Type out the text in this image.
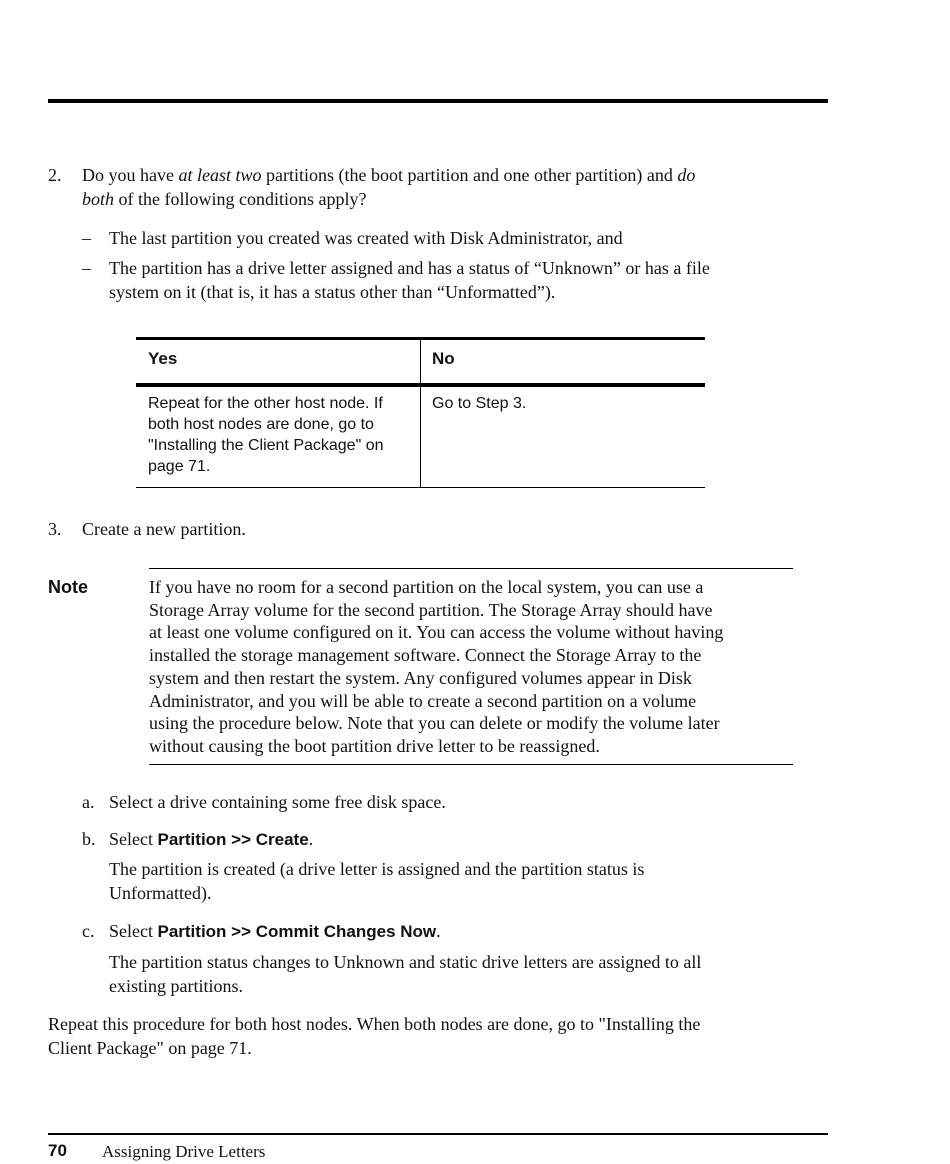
2. Do you have at least two partitions (the boot partition and one other partition) and do
both of the following conditions apply?
– The last partition you created was created with Disk Administrator, and
– The partition has a drive letter assigned and has a status of “Unknown” or has a file
system on it (that is, it has a status other than “Unformatted”).
Yes	No
Repeat for the other host node. If both host nodes are done, go to "Installing the Client Package" on page 71.
Go to Step 3.
3. Create a new partition.
Note	If you have no room for a second partition on the local system, you can use a
Storage Array volume for the second partition. The Storage Array should have
at least one volume configured on it. You can access the volume without having
installed the storage management software. Connect the Storage Array to the
system and then restart the system. Any configured volumes appear in Disk
Administrator, and you will be able to create a second partition on a volume
using the procedure below. Note that you can delete or modify the volume later
without causing the boot partition drive letter to be reassigned.
a. Select a drive containing some free disk space.
b. Select Partition >> Create.
The partition is created (a drive letter is assigned and the partition status is
Unformatted).
c. Select Partition >> Commit Changes Now.
The partition status changes to Unknown and static drive letters are assigned to all
existing partitions.
Repeat this procedure for both host nodes. When both nodes are done, go to "Installing the
Client Package" on page 71.
70 Assigning Drive Letters
